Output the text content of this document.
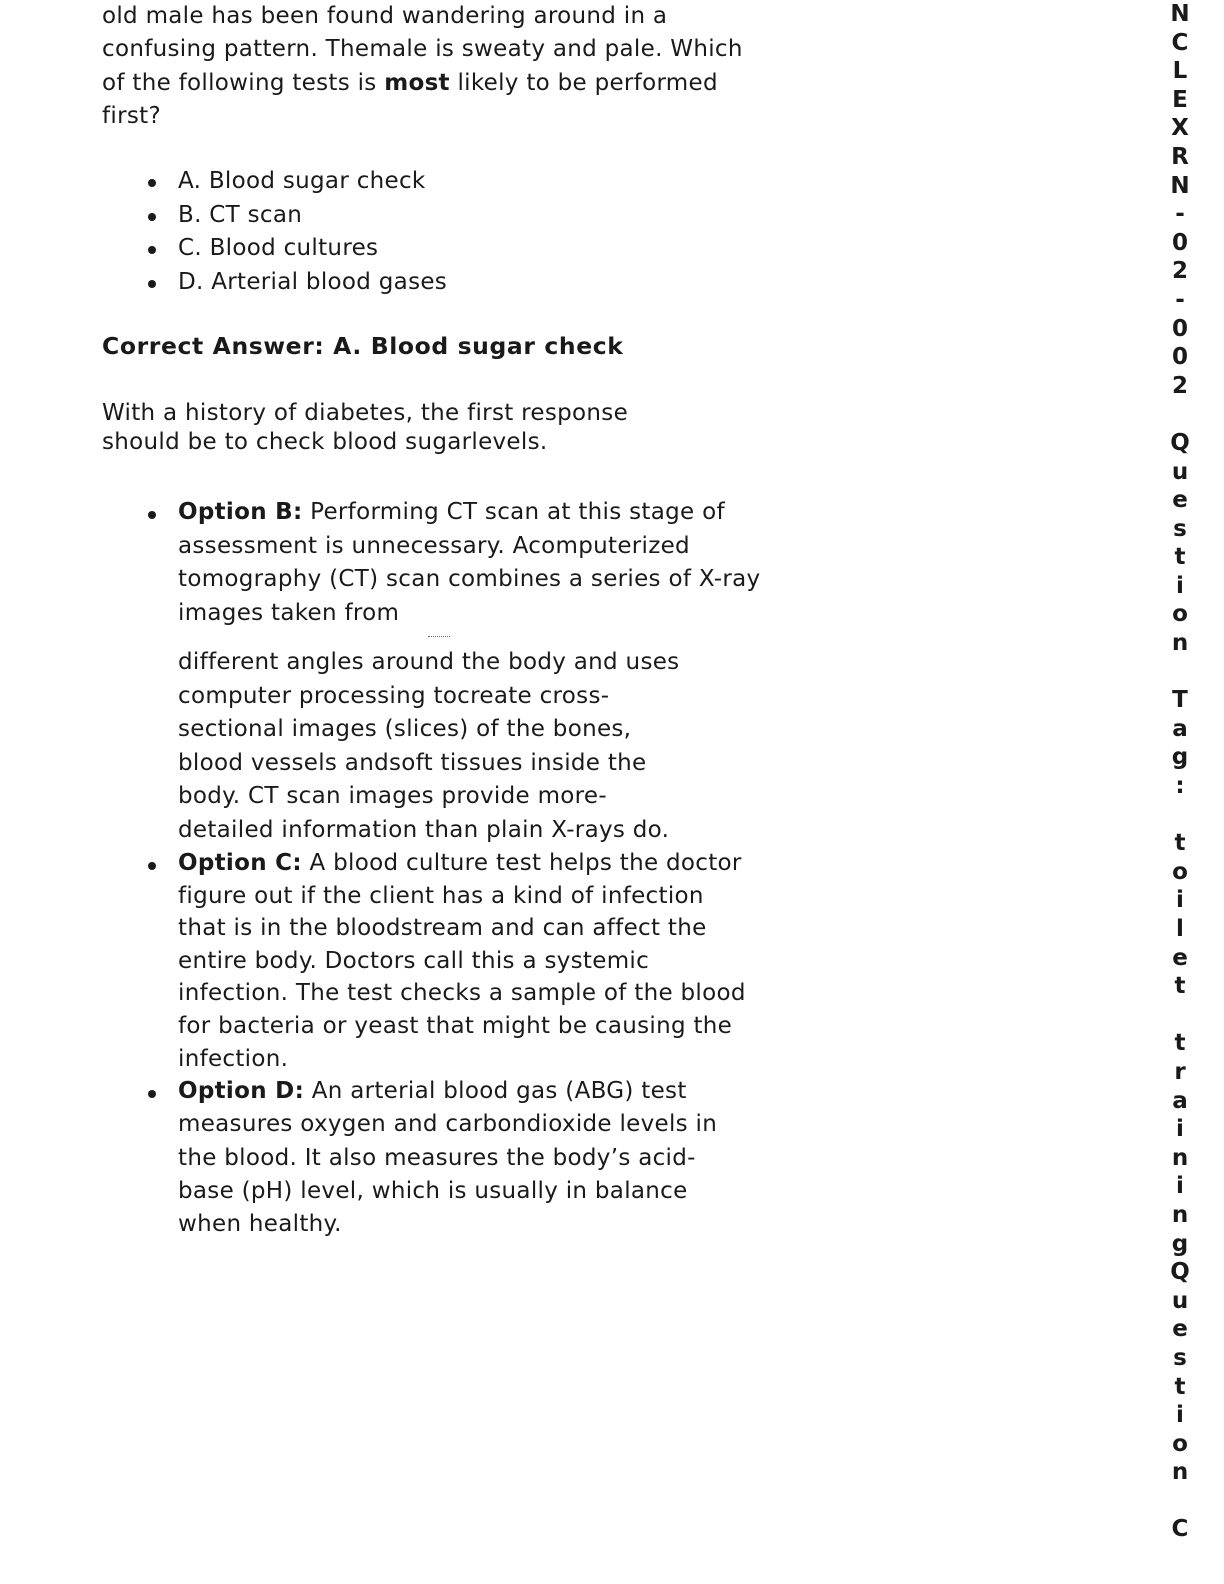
old male has been found wandering around in a
confusing pattern. Themale is sweaty and pale. Which
of the following tests is most likely to be performed
first?

A. Blood sugar check
B. CT scan
C. Blood cultures
D. Arterial blood gases

Correct Answer: A. Blood sugar check

With a history of diabetes, the first response
should be to check blood sugarlevels.

Option B: Performing CT scan at this stage of
assessment is unnecessary. Acomputerized
tomography (CT) scan combines a series of X-ray
images taken from
different angles around the body and uses
computer processing tocreate cross-
sectional images (slices) of the bones,
blood vessels andsoft tissues inside the
body. CT scan images provide more-
detailed information than plain X-rays do.
Option C: A blood culture test helps the doctor
figure out if the client has a kind of infection
that is in the bloodstream and can affect the
entire body. Doctors call this a systemic
infection. The test checks a sample of the blood
for bacteria or yeast that might be causing the
infection.
Option D: An arterial blood gas (ABG) test
measures oxygen and carbondioxide levels in
the blood. It also measures the body’s acid-
base (pH) level, which is usually in balance
when healthy.
N
C
L
E
X
R
N
-
0
2
-
0
0
2

Q
u
e
s
t
i
o
n

T
a
g
:

t
o
i
l
e
t

t
r
a
i
n
i
n
g
Q
u
e
s
t
i
o
n

C
